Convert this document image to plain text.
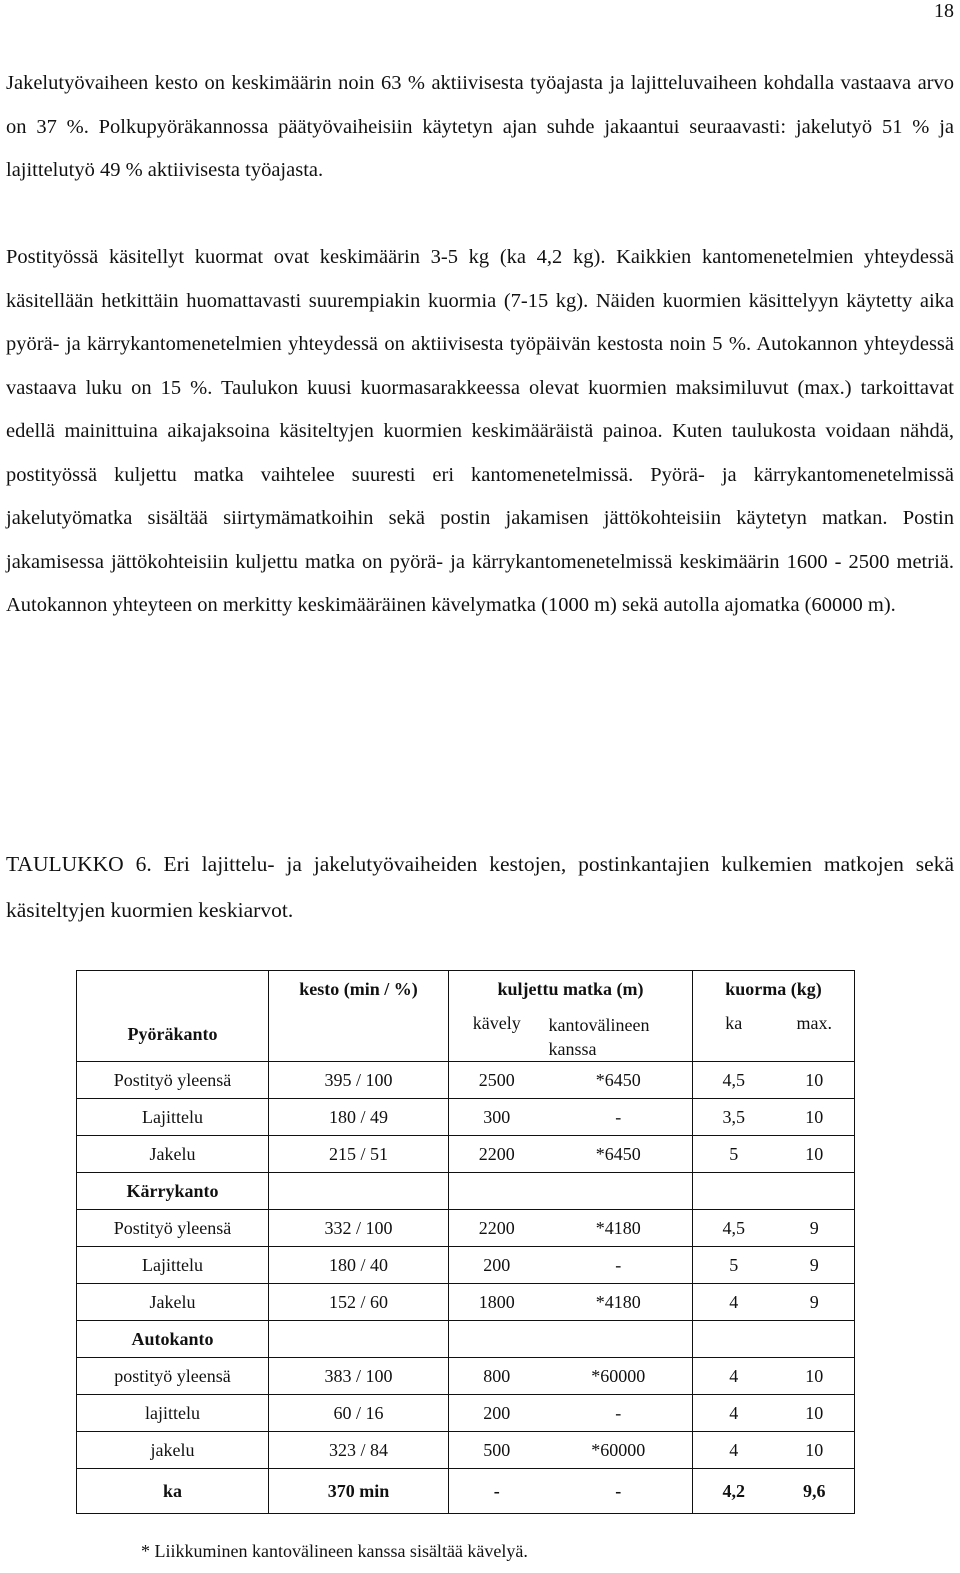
18

Jakelutyövaiheen kesto on keskimäärin noin 63 % aktiivisesta työajasta ja lajitteluvaiheen kohdalla vastaava arvo on 37 %. Polkupyöräkannossa päätyövaiheisiin käytetyn ajan suhde jakaantui seuraavasti: jakelutyö 51 % ja lajittelutyö 49 % aktiivisesta työajasta.

Postityössä käsitellyt kuormat ovat keskimäärin 3-5 kg (ka 4,2 kg). Kaikkien kantomenetelmien yhteydessä käsitellään hetkittäin huomattavasti suurempiakin kuormia (7-15 kg). Näiden kuormien käsittelyyn käytetty aika pyörä- ja kärrykantomenetelmien yhteydessä on aktiivisesta työpäivän kestosta noin 5 %. Autokannon yhteydessä vastaava luku on 15 %. Taulukon kuusi kuormasarakkeessa olevat kuormien maksimiluvut (max.) tarkoittavat edellä mainittuina aikajaksoina käsiteltyjen kuormien keskimääräistä painoa. Kuten taulukosta voidaan nähdä, postityössä kuljettu matka vaihtelee suuresti eri kantomenetelmissä. Pyörä- ja kärrykantomenetelmissä jakelutyömatka sisältää siirtymämatkoihin sekä postin jakamisen jättökohteisiin käytetyn matkan. Postin jakamisessa jättökohteisiin kuljettu matka on pyörä- ja kärrykantomenetelmissä keskimäärin 1600 - 2500 metriä. Autokannon yhteyteen on merkitty keskimääräinen kävelymatka (1000 m) sekä autolla ajomatka (60000 m).

TAULUKKO 6. Eri lajittelu- ja jakelutyövaiheiden kestojen, postinkantajien kulkemien matkojen sekä käsiteltyjen kuormien keskiarvot.

	kesto (min / %)	kuljettu matka (m)		kuorma (kg)	
Pyöräkanto		kävely	kantovälineen kanssa	ka	max.
Postityö yleensä	395 / 100	2500	*6450	4,5	10
Lajittelu	180 / 49	300	-	3,5	10
Jakelu	215 / 51	2200	*6450	5	10
Kärrykanto					
Postityö yleensä	332 / 100	2200	*4180	4,5	9
Lajittelu	180 / 40	200	-	5	9
Jakelu	152 / 60	1800	*4180	4	9
Autokanto					
postityö yleensä	383 / 100	800	*60000	4	10
lajittelu	60 / 16	200	-	4	10
jakelu	323 / 84	500	*60000	4	10
ka	370 min	-	-	4,2	9,6
* Liikkuminen kantovälineen kanssa sisältää kävelyä.
